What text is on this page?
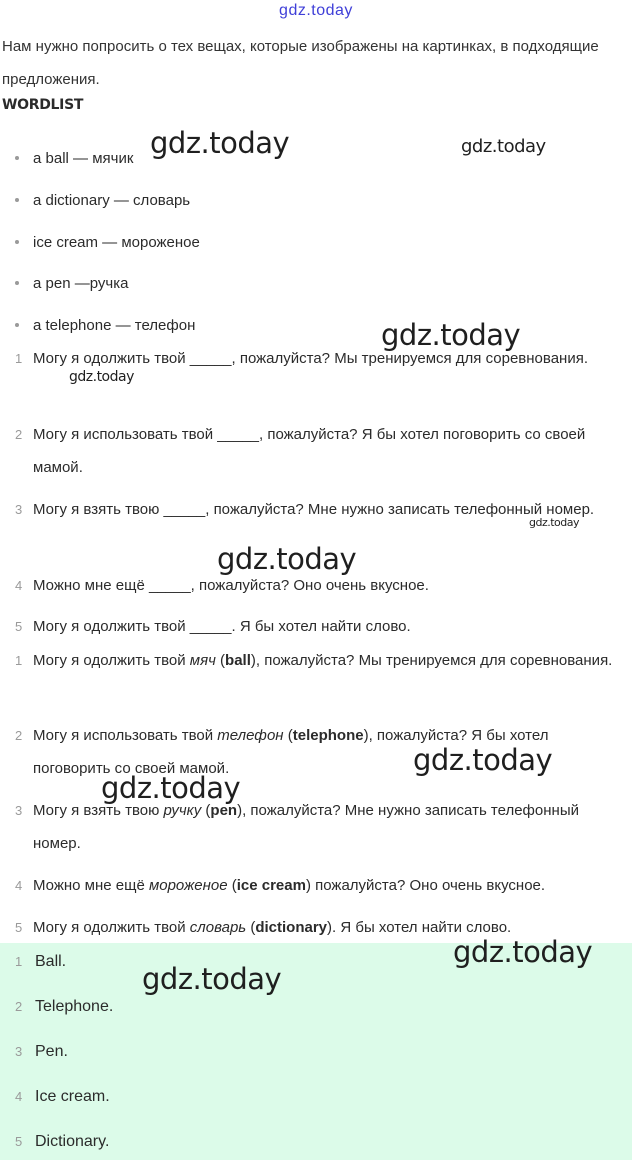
gdz.today
Нам нужно попросить о тех вещах, которые изображены на картинках, в подходящие предложения.
WORDLIST
a ball — мячик
a dictionary — словарь
ice cream — мороженое
a pen —ручка
a telephone — телефон
1 Могу я одолжить твой _____, пожалуйста? Мы тренируемся для соревнования.
2 Могу я использовать твой _____, пожалуйста? Я бы хотел поговорить со своей мамой.
3 Могу я взять твою _____, пожалуйста? Мне нужно записать телефонный номер.
4 Можно мне ещё _____, пожалуйста? Оно очень вкусное.
5 Могу я одолжить твой _____. Я бы хотел найти слово.
1 Могу я одолжить твой мяч (ball), пожалуйста? Мы тренируемся для соревнования.
2 Могу я использовать твой телефон (telephone), пожалуйста? Я бы хотел поговорить со своей мамой.
3 Могу я взять твою ручку (pen), пожалуйста? Мне нужно записать телефонный номер.
4 Можно мне ещё мороженое (ice cream) пожалуйста? Оно очень вкусное.
5 Могу я одолжить твой словарь (dictionary). Я бы хотел найти слово.
1 Ball.
2 Telephone.
3 Pen.
4 Ice cream.
5 Dictionary.
gdz.today	gdz.today
gdz.today
gdz.today
gdz.today
gdz.today
gdz.today
gdz.today
gdz.today
gdz.today
